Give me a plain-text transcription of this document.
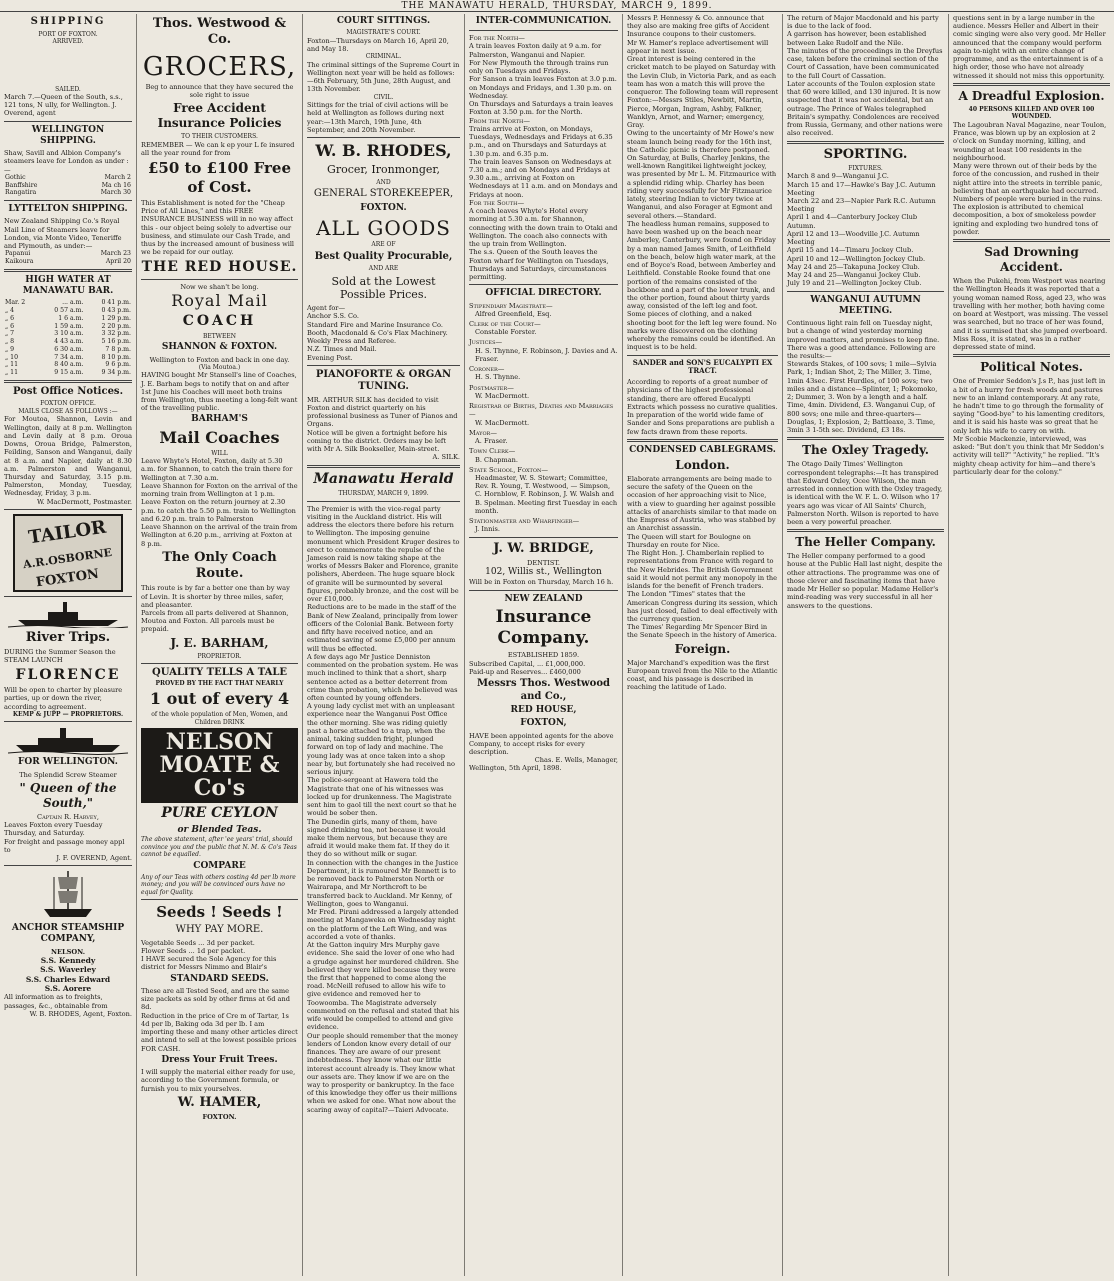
THE MANAWATU HERALD, THURSDAY, MARCH 9, 1899.
SHIPPING
PORT OF FOXTON.
ARRIVED.
SAILED.

March 7.—Queen of the South, s.s., 121 tons, N ully, for Wellington. J. Overend, agent

WELLINGTON SHIPPING.

Shaw, Savill and Albion Company's steamers leave for London as under :—

Gothic	March 2
Banffshire	Ma ch 16
Rangatira	March 30
LYTTELTON SHIPPING.

New Zealand Shipping Co.'s Royal Mail Line of Steamers leave for London, via Monte Video, Teneriffe and Plymouth, as under:—

Papanui	March 23
Kaikoura	April 20
HIGH WATER AT MANAWATU BAR.
Mar. 2	... a.m.	0 41 p.m.
„ 4	0 57 a.m.	0 43 p.m.
„ 6	1 6 a.m.	1 29 p.m.
„ 6	1 59 a.m.	2 20 p.m.
„ 7	3 10 a.m.	3 32 p.m.
„ 8	4 43 a.m.	5 16 p.m.
„ 9	6 30 a.m.	7 8 p.m.
„ 10	7 34 a.m.	8 10 p.m.
„ 11	8 40 a.m.	9 6 p.m.
„ 11	9 15 a.m.	9 34 p.m.
Post Office Notices.
FOXTON OFFICE.
MAILS CLOSE AS FOLLOWS :—

For Moutoa, Shannon, Levin and Wellington, daily at 8 p.m. Wellington and Levin daily at 8 p.m. Oroua Downs, Oroua Bridge, Palmerston, Feilding, Sanson and Wanganui, daily at 8 a.m. and Napier, daily at 8.30 a.m. Palmerston and Wanganui, Thursday and Saturday, 3.15 p.m. Palmerston, Monday, Tuesday, Wednesday, Friday, 3 p.m.

W. MacDermott, Postmaster.
TAILOR
A.R.OSBORNE
FOXTON
River Trips.

DURING the Summer Season the STEAM LAUNCH

FLORENCE

Will be open to charter by pleasure parties, up or down the river, according to agreement.

KEMP & JUPP — PROPRIETORS.
FOR WELLINGTON.
The Splendid Screw Steamer
" Queen of the South,"
Captain R. Harvey,

Leaves Foxton every Tuesday Thursday, and Saturday.

For freight and passage money appl to

J. F. OVEREND, Agent.
ANCHOR STEAMSHIP COMPANY,
NELSON.
S.S. Kennedy
S.S. Waverley
S.S. Charles Edward
S.S. Aorere

All information as to freights, passages, &c., obtainable from

W. B. RHODES, Agent, Foxton.
Thos. Westwood & Co.
GROCERS,

Beg to announce that they have secured the sole right to issue

Free Accident Insurance Policies
TO THEIR CUSTOMERS.

REMEMBER — We can k ep your L fe insured all the year round for from

£50 to £100 Free of Cost.

This Establishment is noted for the "Cheap Price of All Lines," and this FREE INSURANCE BUSINESS will in no way affect this - our object being solely to advertise our business, and stimulate our Cash Trade, and thus by the increased amount of business will we be repaid for our outlay.

THE RED HOUSE.
Now we shan't be long.
Royal Mail
COACH
BETWEEN
SHANNON & FOXTON.

Wellington to Foxton and back in one day.

(Via Moutoa.)

HAVING bought Mr Stansell's line of Coaches, J. E. Barham begs to notify that on and after 1st June his Coaches will meet both trains from Wellington, thus meeting a long-felt want of the travelling public.

BARHAM'S
Mail Coaches
WILL

Leave Whyte's Hotel, Foxton, daily at 5.30 a.m. for Shannon, to catch the train there for Wellington at 7.30 a.m.

Leave Shannon for Foxton on the arrival of the morning train from Wellington at 1 p.m.

Leave Foxton on the return journey at 2.30 p.m. to catch the 5.50 p.m. train to Wellington and 6.20 p.m. train to Palmerston

Leave Shannon on the arrival of the train from Wellington at 6.20 p.m., arriving at Foxton at 8 p.m.

The Only Coach Route.

This route is by far a better one than by way of Levin. It is shorter by three miles, safer, and pleasanter.

Parcels from all parts delivered at Shannon, Moutoa and Foxton. All parcels must be prepaid.

J. E. BARHAM,
PROPRIETOR.
QUALITY TELLS A TALE
PROVED BY THE FACT THAT NEARLY
1 out of every 4
of the whole population of Men, Women, and Children DRINK
NELSON MOATE & Co's
PURE CEYLON
or Blended Teas.

The above statement, after 'ee years' trial, should convince you and the public that N. M. & Co's Teas cannot be equalled.

COMPARE

Any of our Teas with others costing 4d per lb more money; and you will be convinced ours have no equal for Quality.

Seeds ! Seeds !
WHY PAY MORE.

Vegetable Seeds ... 3d per packet.

Flower Seeds ... 1d per packet.

I HAVE secured the Sole Agency for this district for Messrs Nimmo and Blair's

STANDARD SEEDS.

These are all Tested Seed, and are the same size packets as sold by other firms at 6d and 8d.

Reduction in the price of Cre m of Tartar, 1s 4d per lb, Baking oda 3d per lb. I am importing these and many other articles direct and intend to sell at the lowest possible prices FOR CASH.

Dress Your Fruit Trees.

I will supply the material either ready for use, according to the Government formula, or furnish you to mix yourselves.

W. HAMER,
FOXTON.
COURT SITTINGS.
MAGISTRATE'S COURT.

Foxton—Thursdays on March 16, April 20, and May 18.

CRIMINAL.

The criminal sittings of the Supreme Court in Wellington next year will be held as follows:—6th February, 5th June, 28th August, and 13th November.

CIVIL.

Sittings for the trial of civil actions will be held at Wellington as follows during next year:—13th March, 19th June, 4th September, and 20th November.

W. B. RHODES,
Grocer, Ironmonger,
AND
GENERAL STOREKEEPER,
FOXTON.
ALL GOODS
ARE OF
Best Quality Procurable,
AND ARE
Sold at the Lowest Possible Prices.

Agent for—

Anchor S.S. Co.
Standard Fire and Marine Insurance Co.
Booth, Macdonald & Co's Flax Machinery.
Weekly Press and Referee.
N.Z. Times and Mail.
Evening Post.
PIANOFORTE & ORGAN TUNING.

MR. ARTHUR SILK has decided to visit Foxton and district quarterly on his professional business as Tuner of Pianos and Organs.

Notice will be given a fortnight before his coming to the district. Orders may be left with Mr A. Silk Bookseller, Main-street.

A. SILK.
Manawatu Herald
THURSDAY, MARCH 9, 1899.

The Premier is with the vice-regal party visiting in the Auckland district. His will address the electors there before his return to Wellington. The imposing genuine monument which President Kruger desires to erect to commemorate the repulse of the Jameson raid is now taking shape at the works of Messrs Baker and Florence, granite polishers, Aberdeen. The huge square block of granite will be surmounted by several figures, probably bronze, and the cost will be over £10,000.

Reductions are to be made in the staff of the Bank of New Zealand, principally from lower officers of the Colonial Bank. Between forty and fifty have received notice, and an estimated saving of some £5,000 per annum will thus be effected.

A few days ago Mr Justice Denniston commented on the probation system. He was much inclined to think that a short, sharp sentence acted as a better deterrent from crime than probation, which he believed was often counted by young offenders.

A young lady cyclist met with an unpleasant experience near the Wanganui Post Office the other morning. She was riding quietly past a horse attached to a trap, when the animal, taking sudden fright, plunged forward on top of lady and machine. The young lady was at once taken into a shop near by, but fortunately she had received no serious injury.

The police-sergeant at Hawera told the Magistrate that one of his witnesses was locked up for drunkenness. The Magistrate sent him to gaol till the next court so that he would be sober then.

The Dunedin girls, many of them, have signed drinking tea, not because it would make them nervous, but because they are afraid it would make them fat. If they do it they do so without milk or sugar.

In connection with the changes in the Justice Department, it is rumoured Mr Bennett is to be removed back to Palmerston North or Wairarapa, and Mr Northcroft to be transferred back to Auckland. Mr Kenny, of Wellington, goes to Wanganui.

Mr Fred. Pirani addressed a largely attended meeting at Mangaweka on Wednesday night on the platform of the Left Wing, and was accorded a vote of thanks.

At the Gatton inquiry Mrs Murphy gave evidence. She said the lover of one who had a grudge against her murdered children. She believed they were killed because they were the first that happened to come along the road. McNeill refused to allow his wife to give evidence and removed her to Toowoomba. The Magistrate adversely commented on the refusal and stated that his wife would be compelled to attend and give evidence.

Our people should remember that the money lenders of London know every detail of our finances. They are aware of our present indebtedness. They know what our little interest account already is. They know what our assets are. They know if we are on the way to prosperity or bankruptcy. In the face of this knowledge they offer us their millions when we asked for one. What now about the scaring away of capital?—Taieri Advocate.

INTER-COMMUNICATION.

For the North—

A train leaves Foxton daily at 9 a.m. for Palmerston, Wanganui and Napier.

For New Plymouth the through trains run only on Tuesdays and Fridays.

For Sanson a train leaves Foxton at 3.0 p.m. on Mondays and Fridays, and 1.30 p.m. on Wednesday.

On Thursdays and Saturdays a train leaves Foxton at 3.50 p.m. for the North.

From the North—

Trains arrive at Foxton, on Mondays, Tuesdays, Wednesdays and Fridays at 6.35 p.m., and on Thursdays and Saturdays at 1.30 p.m. and 6.35 p.m.

The train leaves Sanson on Wednesdays at 7.30 a.m.; and on Mondays and Fridays at 9.30 a.m., arriving at Foxton on Wednesdays at 11 a.m. and on Mondays and Fridays at noon.

For the South—

A coach leaves Whyte's Hotel every morning at 5.30 a.m. for Shannon, connecting with the down train to Otaki and Wellington. The coach also connects with the up train from Wellington.

The s.s. Queen of the South leaves the Foxton wharf for Wellington on Tuesdays, Thursdays and Saturdays, circumstances permitting.

OFFICIAL DIRECTORY.
Stipendiary Magistrate—
Alfred Greenfield, Esq.
Clerk of the Court—
Constable Forster.
Justices—
H. S. Thynne, F. Robinson, J. Davies and A. Fraser.
Coroner—
H. S. Thynne.
Postmaster—
W. MacDermott.
Registrar of Births, Deaths and Marriages—
W. MacDermott.
Mayor—
A. Fraser.
Town Clerk—
B. Chapman.
State School, Foxton—
Headmaster, W. S. Stewart; Committee, Rev. R. Young, T. Westwood, — Simpson, C. Hornblow, F. Robinson, J. W. Walsh and B. Spelman. Meeting first Tuesday in each month.
Stationmaster and Wharfinger—
J. Innis.
J. W. BRIDGE,
DENTIST.
102, Willis st., Wellington

Will be in Foxton on Thursday, March 16 h.

NEW ZEALAND
Insurance Company.
ESTABLISHED 1859.

Subscribed Capital, ... £1,000,000.

Paid-up and Reserves... £460,000

Messrs Thos. Westwood and Co.,
RED HOUSE,
FOXTON,

HAVE been appointed agents for the above Company, to accept risks for every description.

Chas. E. Wells, Manager,

Wellington, 5th April, 1898.

Messrs P. Hennessy & Co. announce that they also are making free gifts of Accident Insurance coupons to their customers.

Mr W. Hamer's replace advertisement will appear in next issue.

Great interest is being centered in the cricket match to be played on Saturday with the Levin Club, in Victoria Park, and as each team has won a match this will prove the conqueror. The following team will represent Foxton:—Messrs Stiles, Newbitt, Martin, Pierce, Morgan, Ingram, Ashby, Falkner, Wanklyn, Arnot, and Warner; emergency, Gray.

Owing to the uncertainty of Mr Howe's new steam launch being ready for the 16th inst, the Catholic picnic is therefore postponed.

On Saturday, at Bulls, Charley Jenkins, the well-known Rangitikei lightweight jockey, was presented by Mr L. M. Fitzmaurice with a splendid riding whip. Charley has been riding very successfully for Mr Fitzmaurice lately, steering Indian to victory twice at Wanganui, and also Forager at Egmont and several others.—Standard.

The headless human remains, supposed to have been washed up on the beach near Amberley, Canterbury, were found on Friday by a man named James Smith, of Leithfield on the beach, below high water mark, at the end of Boyce's Road, between Amberley and Leithfield. Constable Rooke found that one portion of the remains consisted of the backbone and a part of the lower trunk, and the other portion, found about thirty yards away, consisted of the left leg and foot. Some pieces of clothing, and a naked shooting boot for the left leg were found. No marks were discovered on the clothing whereby the remains could be identified. An inquest is to be held.

SANDER and SON'S EUCALYPTI EX TRACT.

According to reports of a great number of physicians of the highest professional standing, there are offered Eucalypti Extracts which possess no curative qualities. In preparation of the world wide fame of Sander and Sons preparations are publish a few facts drawn from these reports.

CONDENSED CABLEGRAMS.
London.

Elaborate arrangements are being made to secure the safety of the Queen on the occasion of her approaching visit to Nice, with a view to guarding her against possible attacks of anarchists similar to that made on the Empress of Austria, who was stabbed by an Anarchist assassin.

The Queen will start for Boulogne on Thursday en route for Nice.

The Right Hon. J. Chamberlain replied to representations from France with regard to the New Hebrides. The British Government said it would not permit any monopoly in the islands for the benefit of French traders.

The London "Times" states that the American Congress during its session, which has just closed, failed to deal effectively with the currency question.

The Times' Regarding Mr Spencer Bird in the Senate Speech in the history of America.

Foreign.

Major Marchand's expedition was the first European travel from the Nile to the Atlantic coast, and his passage is described in reaching the latitude of Lado.

The return of Major Macdonald and his party is due to the lack of food.

A garrison has however, been established between Lake Rudolf and the Nile.

The minutes of the proceedings in the Dreyfus case, taken before the criminal section of the Court of Cassation, have been communicated to the full Court of Cassation.

Later accounts of the Toulon explosion state that 60 were killed, and 130 injured. It is now suspected that it was not accidental, but an outrage. The Prince of Wales telegraphed Britain's sympathy. Condolences are received from Russia, Germany, and other nations were also received.

SPORTING.
FIXTURES.
March 8 and 9—Wanganui J.C.
March 15 and 17—Hawke's Bay J.C. Autumn Meeting
March 22 and 23—Napier Park R.C. Autumn Meeting
April 1 and 4—Canterbury Jockey Club Autumn.
April 12 and 13—Woodville J.C. Autumn Meeting
April 15 and 14—Timaru Jockey Club.
April 10 and 12—Wellington Jockey Club.
May 24 and 25—Takapuna Jockey Club.
May 24 and 25—Wanganui Jockey Club.
July 19 and 21—Wellington Jockey Club.
WANGANUI AUTUMN MEETING.

Continuous light rain fell on Tuesday night, but a change of wind yesterday morning improved matters, and promises to keep fine. There was a good attendance. Following are the results:—

Stewards Stakes, of 100 sovs; 1 mile—Sylvia Park, 1; Indian Shot, 2; The Miller, 3. Time, 1min 43sec. First Hurdles, of 100 sovs; two miles and a distance—Splinter, 1; Pokomoko, 2; Dummer, 3. Won by a length and a half. Time, 4min. Dividend, £3. Wanganui Cup, of 800 sovs; one mile and three-quarters—Douglas, 1; Explosion, 2; Battleaxe, 3. Time, 3min 3 1-5th sec. Dividend, £3 18s.

The Oxley Tragedy.

The Otago Daily Times' Wellington correspondent telegraphs:—It has transpired that Edward Oxley, Ocee Wilson, the man arrested in connection with the Oxley tragedy, is identical with the W. F. L. O. Wilson who 17 years ago was vicar of All Saints' Church, Palmerston North. Wilson is reported to have been a very powerful preacher.

The Heller Company.

The Heller company performed to a good house at the Public Hall last night, despite the other attractions. The programme was one of those clever and fascinating items that have made Mr Heller so popular. Madame Heller's mind-reading was very successful in all her answers to the questions.

questions sent in by a large number in the audience. Messrs Heller and Albert in their comic singing were also very good. Mr Heller announced that the company would perform again to-night with an entire change of programme, and as the entertainment is of a high order, those who have not already witnessed it should not miss this opportunity.

A Dreadful Explosion.
40 PERSONS KILLED AND OVER 100 WOUNDED.

The Lagoubran Naval Magazine, near Toulon, France, was blown up by an explosion at 2 o'clock on Sunday morning, killing, and wounding at least 100 residents in the neighbourhood.

Many were thrown out of their beds by the force of the concussion, and rushed in their night attire into the streets in terrible panic, believing that an earthquake had occurred. Numbers of people were buried in the ruins.

The explosion is attributed to chemical decomposition, a box of smokeless powder igniting and exploding two hundred tons of powder.

Sad Drowning Accident.

When the Pukehi, from Westport was nearing the Wellington Heads it was reported that a young woman named Ross, aged 23, who was travelling with her mother, both having come on board at Westport, was missing. The vessel was searched, but no trace of her was found, and it is surmised that she jumped overboard.

Miss Ross, it is stated, was in a rather depressed state of mind.

Political Notes.

One of Premier Seddon's J.s P., has just left in a bit of a hurry for fresh woods and pastures new to an inland contemporary. At any rate, he hadn't time to go through the formality of saying "Good-bye" to his lamenting creditors, and it is said his haste was so great that he only left his wife to carry on with.

Mr Scobie Mackenzie, interviewed, was asked: "But don't you think that Mr Seddon's activity will tell?" "Activity," he replied. "It's mighty cheap activity for him—and there's particularly dear for the colony."
